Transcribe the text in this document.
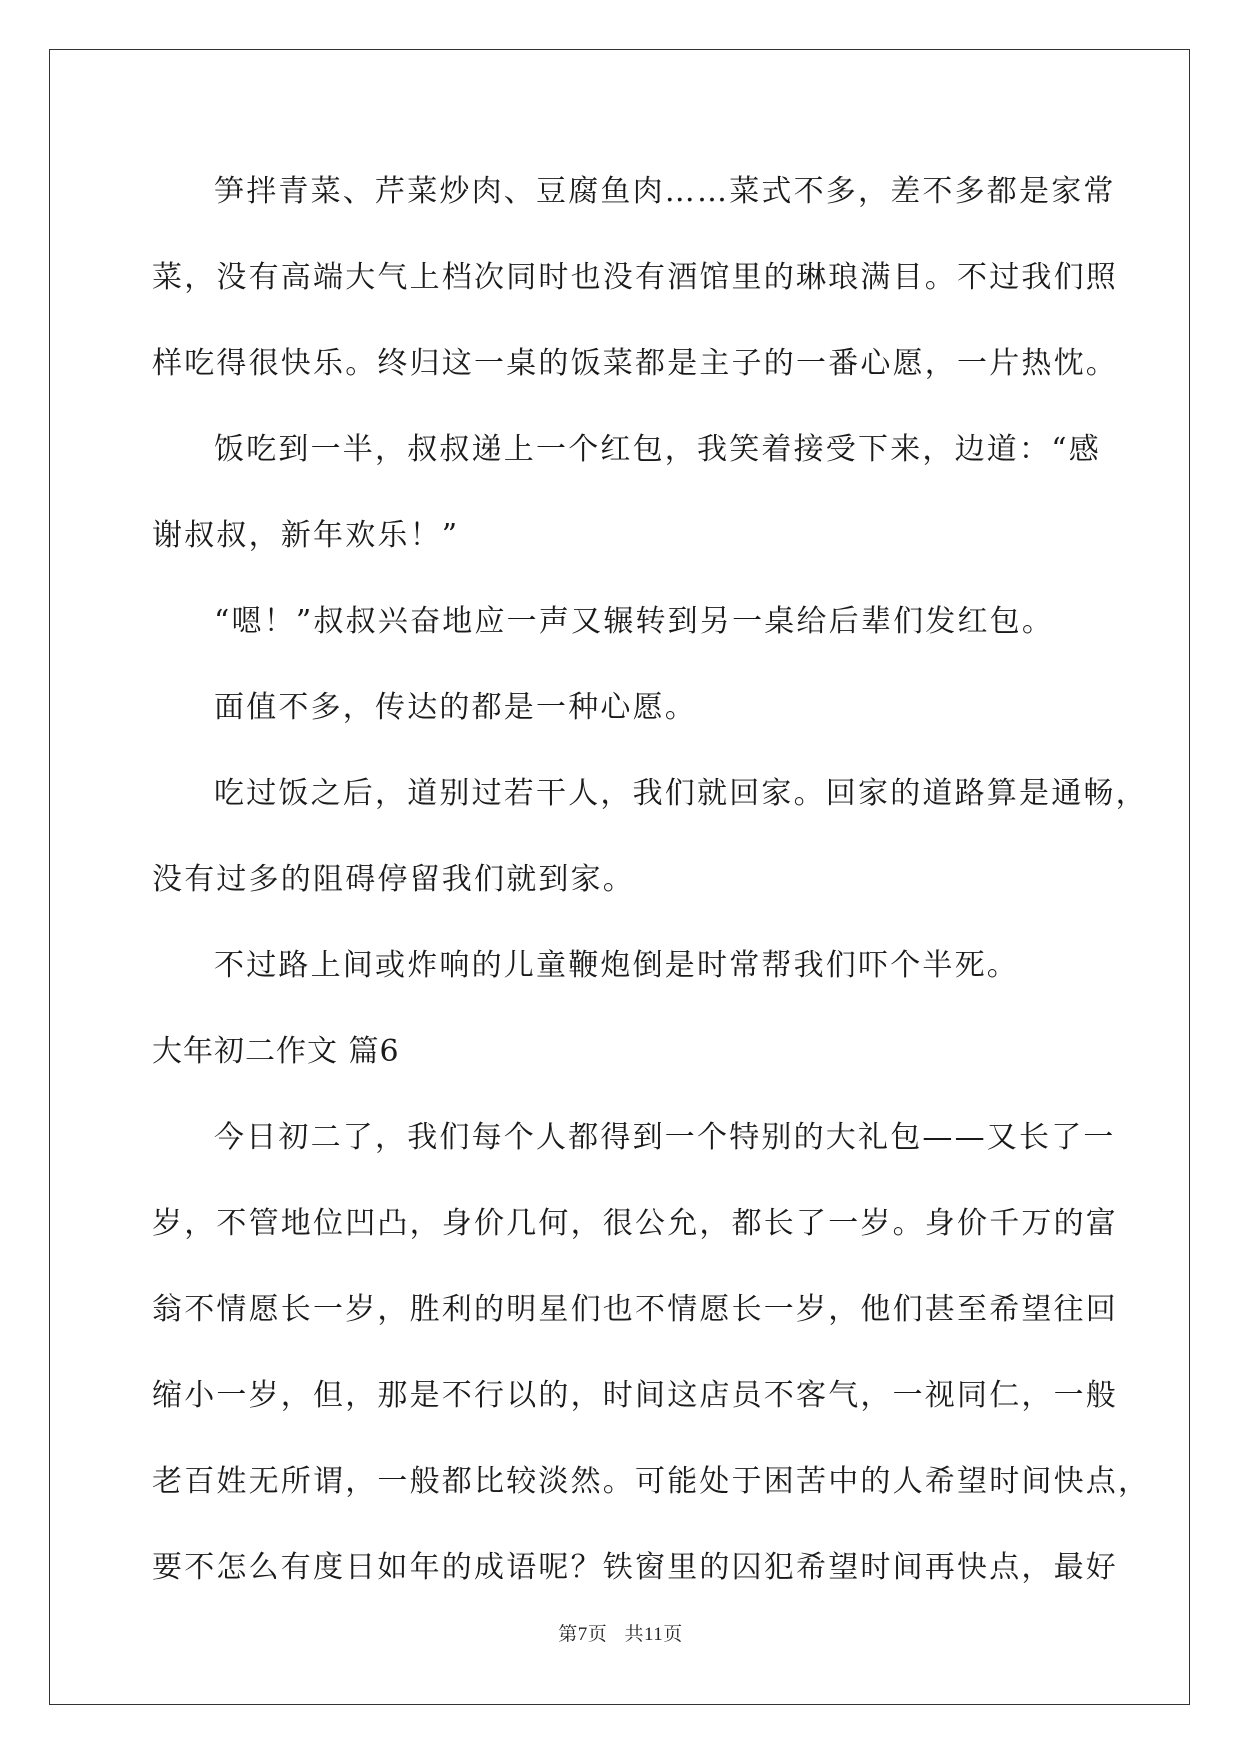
笋拌青菜、芹菜炒肉、豆腐鱼肉……菜式不多，差不多都是家常
菜，没有高端大气上档次同时也没有酒馆里的琳琅满目。不过我们照
样吃得很快乐。终归这一桌的饭菜都是主子的一番心愿，一片热忱。
饭吃到一半，叔叔递上一个红包，我笑着接受下来，边道：“感
谢叔叔，新年欢乐！”
“嗯！”叔叔兴奋地应一声又辗转到另一桌给后辈们发红包。
面值不多，传达的都是一种心愿。
吃过饭之后，道别过若干人，我们就回家。回家的道路算是通畅，
没有过多的阻碍停留我们就到家。
不过路上间或炸响的儿童鞭炮倒是时常帮我们吓个半死。
大年初二作文 篇6
今日初二了，我们每个人都得到一个特别的大礼包——又长了一
岁，不管地位凹凸，身价几何，很公允，都长了一岁。身价千万的富
翁不情愿长一岁，胜利的明星们也不情愿长一岁，他们甚至希望往回
缩小一岁，但，那是不行以的，时间这店员不客气，一视同仁，一般
老百姓无所谓，一般都比较淡然。可能处于困苦中的人希望时间快点，
要不怎么有度日如年的成语呢？铁窗里的囚犯希望时间再快点，最好
第7页 共11页
